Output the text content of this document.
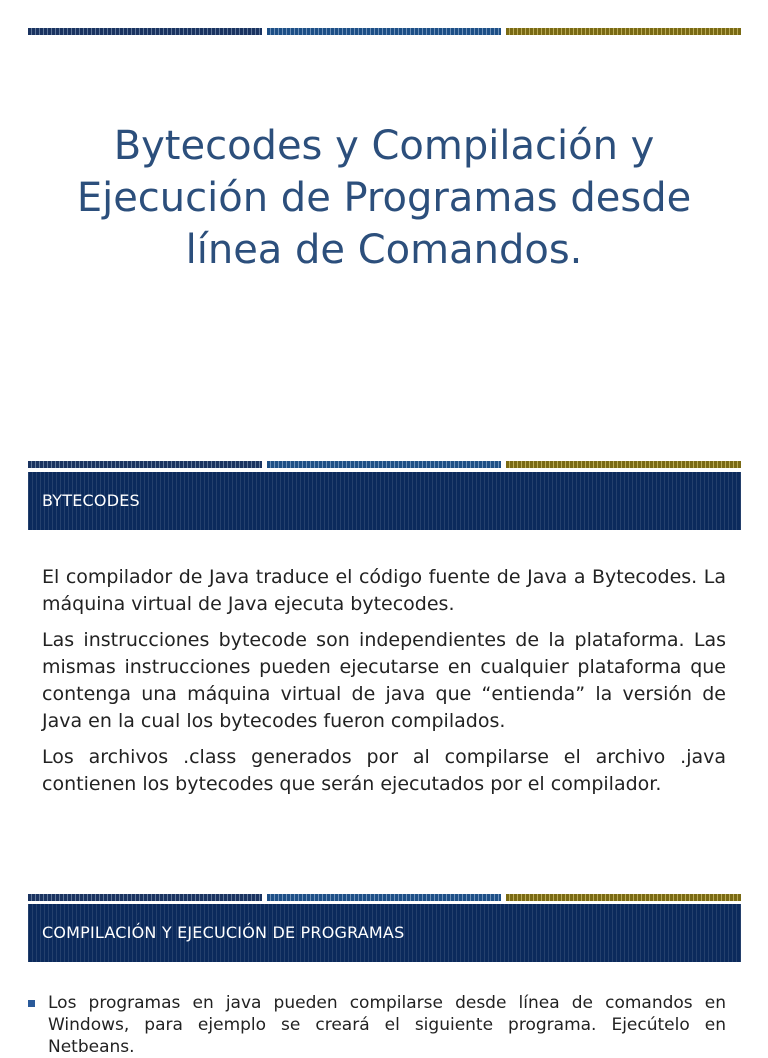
Bytecodes y Compilación y Ejecución de Programas desde línea de Comandos.
BYTECODES

El compilador de Java traduce el código fuente de Java a Bytecodes. La máquina virtual de Java ejecuta bytecodes.

Las instrucciones bytecode son independientes de la plataforma. Las mismas instrucciones pueden ejecutarse en cualquier plataforma que contenga una máquina virtual de java que “entienda” la versión de Java en la cual los bytecodes fueron compilados.

Los archivos .class generados por al compilarse el archivo .java contienen los bytecodes que serán ejecutados por el compilador.

COMPILACIÓN Y EJECUCIÓN DE PROGRAMAS
Los programas en java pueden compilarse desde línea de comandos en Windows, para ejemplo se creará el siguiente programa. Ejecútelo en Netbeans.
